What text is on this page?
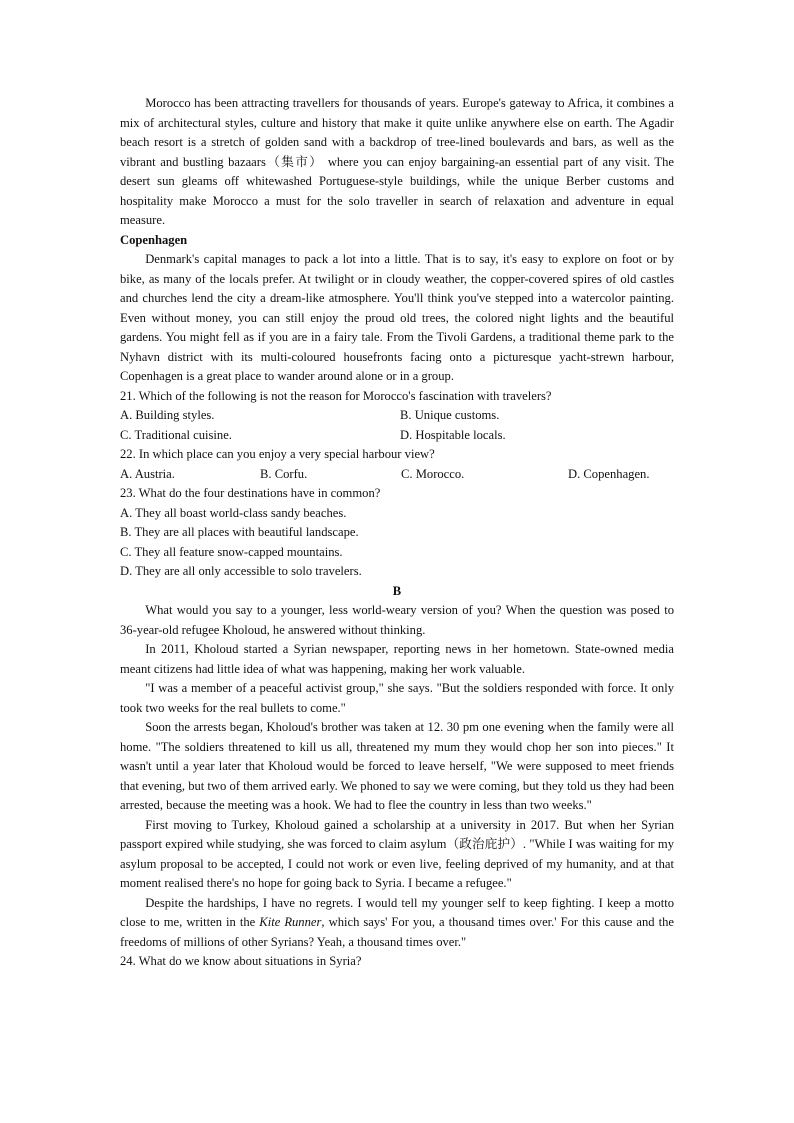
Morocco has been attracting travellers for thousands of years. Europe's gateway to Africa, it combines a mix of architectural styles, culture and history that make it quite unlike anywhere else on earth. The Agadir beach resort is a stretch of golden sand with a backdrop of tree-lined boulevards and bars, as well as the vibrant and bustling bazaars（集市） where you can enjoy bargaining-an essential part of any visit. The desert sun gleams off whitewashed Portuguese-style buildings, while the unique Berber customs and hospitality make Morocco a must for the solo traveller in search of relaxation and adventure in equal measure.

Copenhagen

Denmark's capital manages to pack a lot into a little. That is to say, it's easy to explore on foot or by bike, as many of the locals prefer. At twilight or in cloudy weather, the copper-covered spires of old castles and churches lend the city a dream-like atmosphere. You'll think you've stepped into a watercolor painting. Even without money, you can still enjoy the proud old trees, the colored night lights and the beautiful gardens. You might fell as if you are in a fairy tale. From the Tivoli Gardens, a traditional theme park to the Nyhavn district with its multi-coloured housefronts facing onto a picturesque yacht-strewn harbour, Copenhagen is a great place to wander around alone or in a group.

21. Which of the following is not the reason for Morocco's fascination with travelers?

A. Building styles.	B. Unique customs.
C. Traditional cuisine.	D. Hospitable locals.

22. In which place can you enjoy a very special harbour view?

A. Austria.	B. Corfu.	C. Morocco.	D. Copenhagen.

23. What do the four destinations have in common?

A. They all boast world-class sandy beaches.

B. They are all places with beautiful landscape.

C. They all feature snow-capped mountains.

D. They are all only accessible to solo travelers.

B

What would you say to a younger, less world-weary version of you? When the question was posed to 36-year-old refugee Kholoud, he answered without thinking.

In 2011, Kholoud started a Syrian newspaper, reporting news in her hometown. State-owned media meant citizens had little idea of what was happening, making her work valuable.

"I was a member of a peaceful activist group," she says. "But the soldiers responded with force. It only took two weeks for the real bullets to come."

Soon the arrests began, Kholoud's brother was taken at 12. 30 pm one evening when the family were all home. "The soldiers threatened to kill us all, threatened my mum they would chop her son into pieces." It wasn't until a year later that Kholoud would be forced to leave herself, "We were supposed to meet friends that evening, but two of them arrived early. We phoned to say we were coming, but they told us they had been arrested, because the meeting was a hook. We had to flee the country in less than two weeks."

First moving to Turkey, Kholoud gained a scholarship at a university in 2017. But when her Syrian passport expired while studying, she was forced to claim asylum（政治庇护）. "While I was waiting for my asylum proposal to be accepted, I could not work or even live, feeling deprived of my humanity, and at that moment realised there's no hope for going back to Syria. I became a refugee."

Despite the hardships, I have no regrets. I would tell my younger self to keep fighting. I keep a motto close to me, written in the Kite Runner, which says' For you, a thousand times over.' For this cause and the freedoms of millions of other Syrians? Yeah, a thousand times over."

24. What do we know about situations in Syria?
